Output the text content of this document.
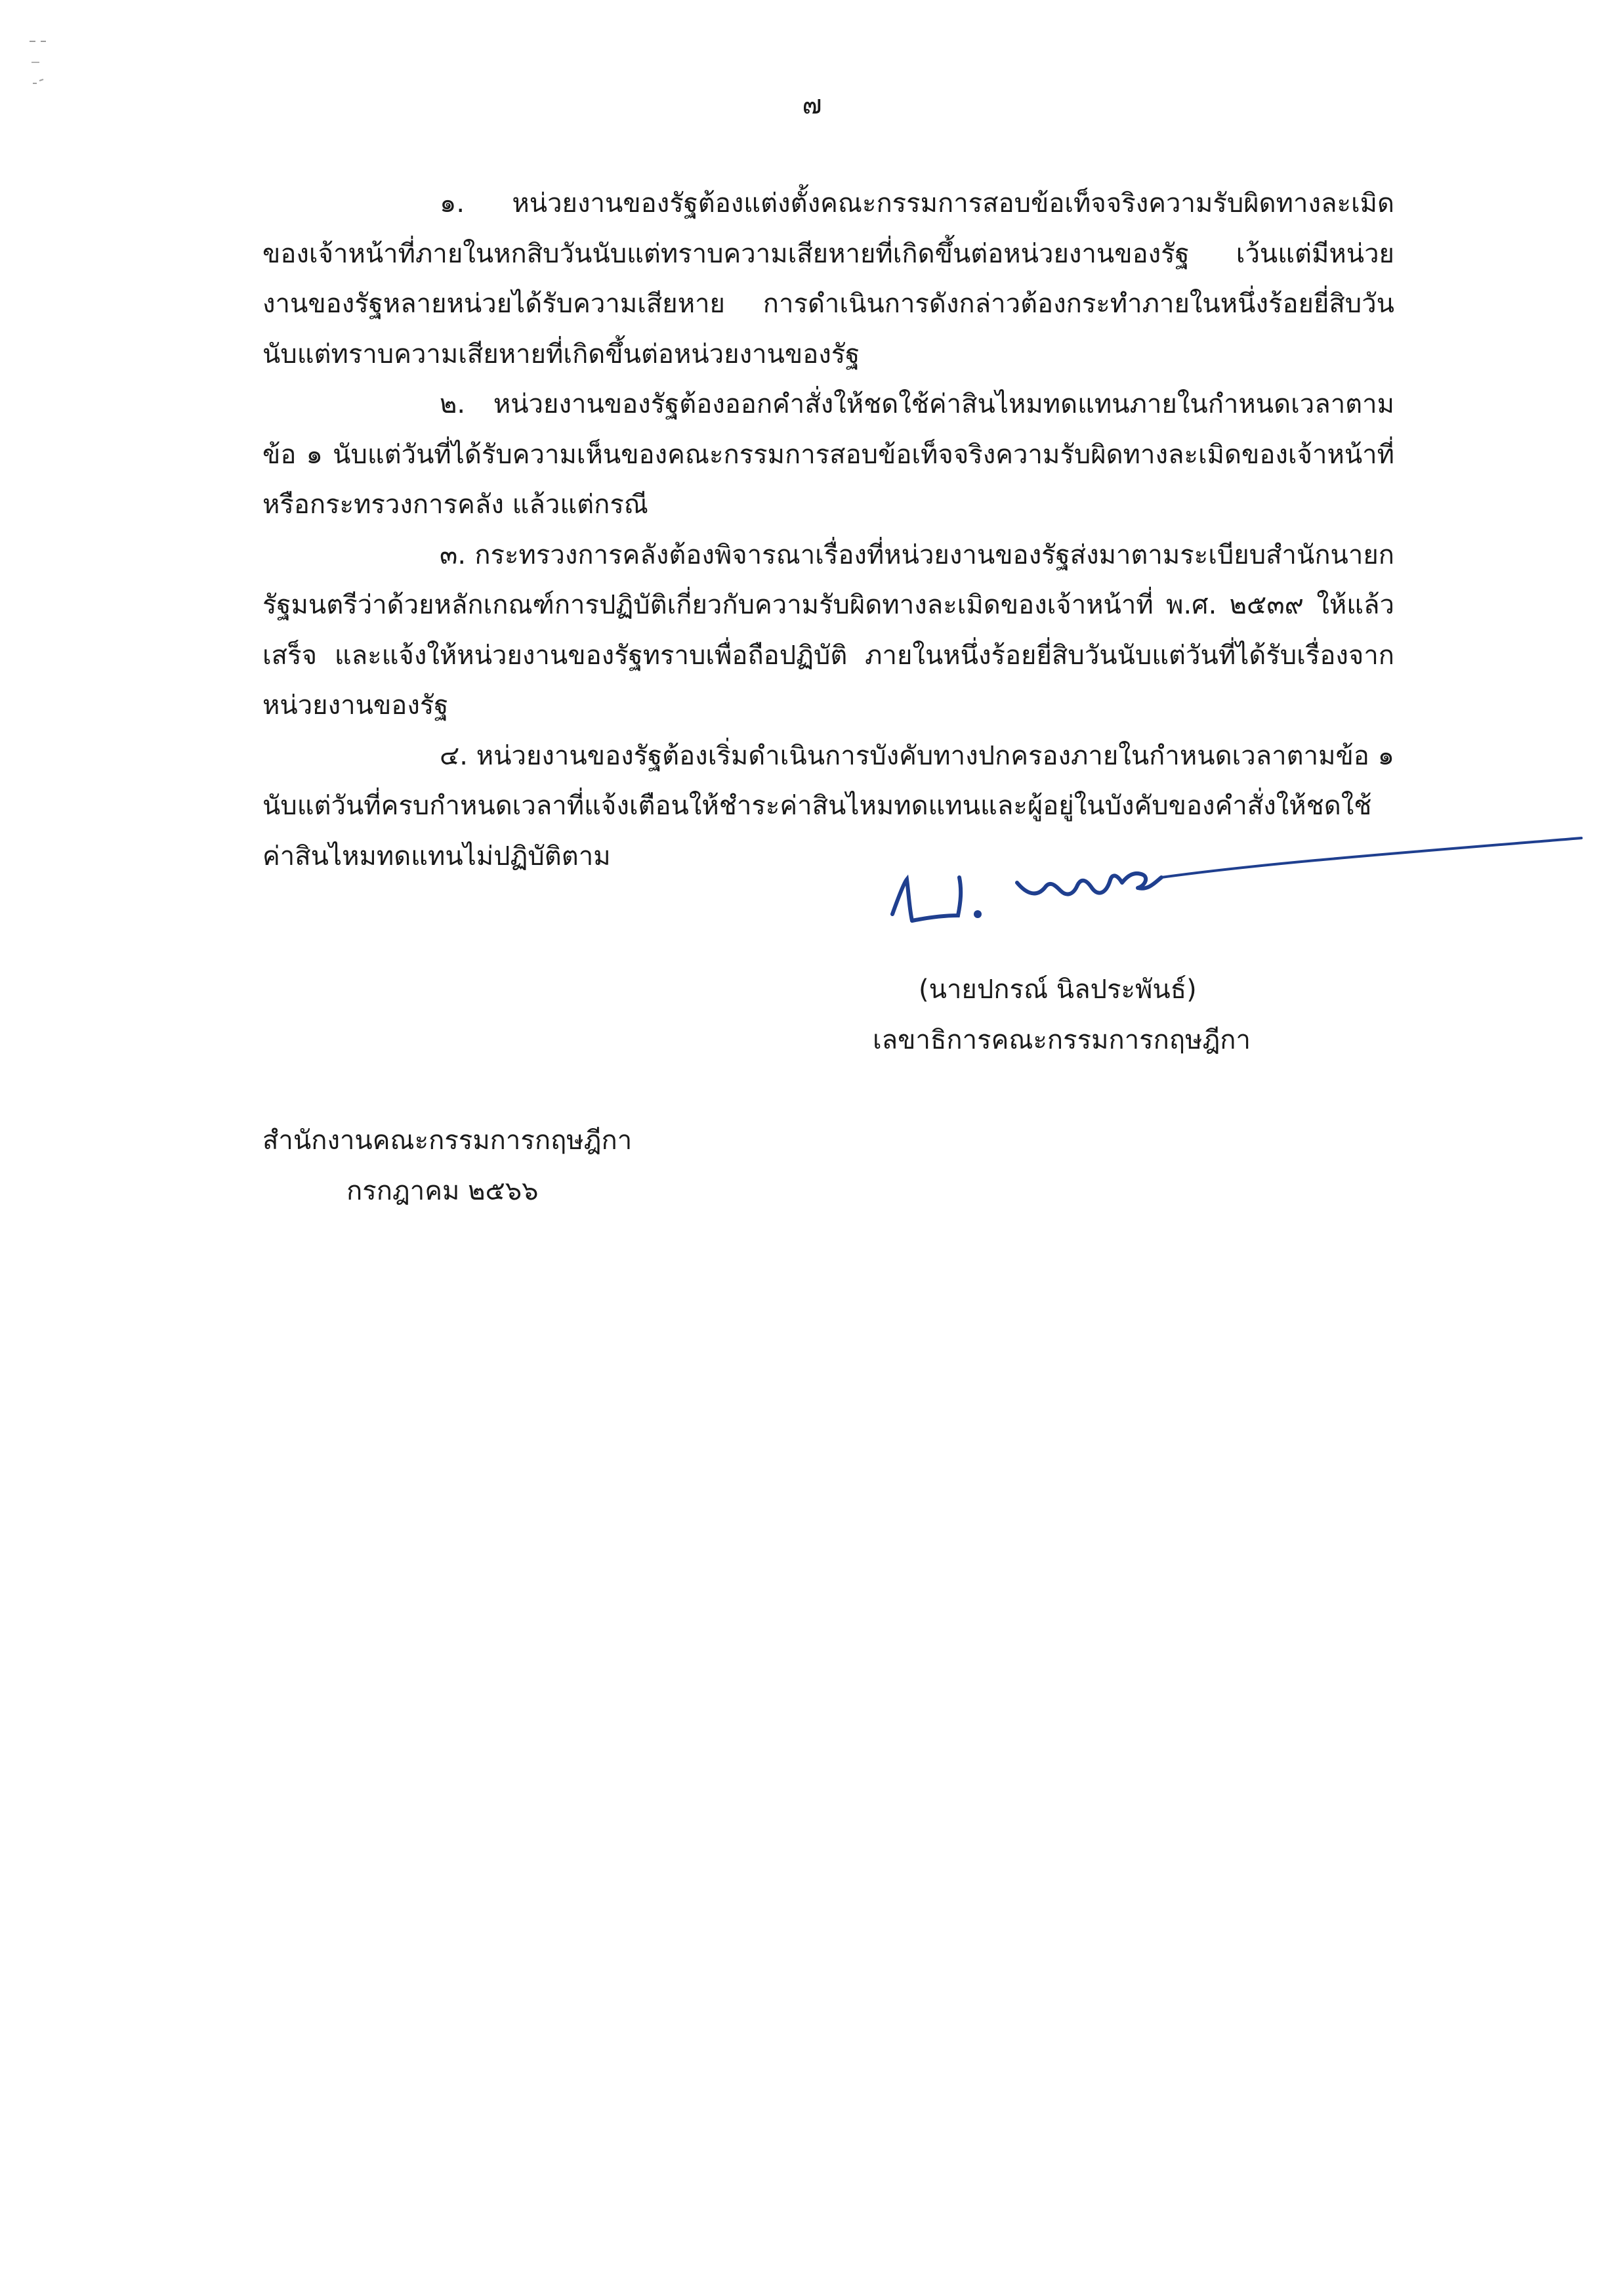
๗

๑. หน่วยงานของรัฐต้องแต่งตั้งคณะกรรมการสอบข้อเท็จจริงความรับผิดทางละเมิดของเจ้าหน้าที่ภายในหกสิบวันนับแต่ทราบความเสียหายที่เกิดขึ้นต่อหน่วยงานของรัฐ เว้นแต่มีหน่วยงานของรัฐหลายหน่วยได้รับความเสียหาย การดำเนินการดังกล่าวต้องกระทำภายในหนึ่งร้อยยี่สิบวันนับแต่ทราบความเสียหายที่เกิดขึ้นต่อหน่วยงานของรัฐ

๒. หน่วยงานของรัฐต้องออกคำสั่งให้ชดใช้ค่าสินไหมทดแทนภายในกำหนดเวลาตามข้อ ๑ นับแต่วันที่ได้รับความเห็นของคณะกรรมการสอบข้อเท็จจริงความรับผิดทางละเมิดของเจ้าหน้าที่หรือกระทรวงการคลัง แล้วแต่กรณี

๓. กระทรวงการคลังต้องพิจารณาเรื่องที่หน่วยงานของรัฐส่งมาตามระเบียบสำนักนายกรัฐมนตรีว่าด้วยหลักเกณฑ์การปฏิบัติเกี่ยวกับความรับผิดทางละเมิดของเจ้าหน้าที่ พ.ศ. ๒๕๓๙ ให้แล้วเสร็จ และแจ้งให้หน่วยงานของรัฐทราบเพื่อถือปฏิบัติ ภายในหนึ่งร้อยยี่สิบวันนับแต่วันที่ได้รับเรื่องจากหน่วยงานของรัฐ

๔. หน่วยงานของรัฐต้องเริ่มดำเนินการบังคับทางปกครองภายในกำหนดเวลาตามข้อ ๑ นับแต่วันที่ครบกำหนดเวลาที่แจ้งเตือนให้ชำระค่าสินไหมทดแทนและผู้อยู่ในบังคับของคำสั่งให้ชดใช้ค่าสินไหมทดแทนไม่ปฏิบัติตาม

(นายปกรณ์ นิลประพันธ์)

เลขาธิการคณะกรรมการกฤษฎีกา

สำนักงานคณะกรรมการกฤษฎีกา

กรกฎาคม ๒๕๖๖
